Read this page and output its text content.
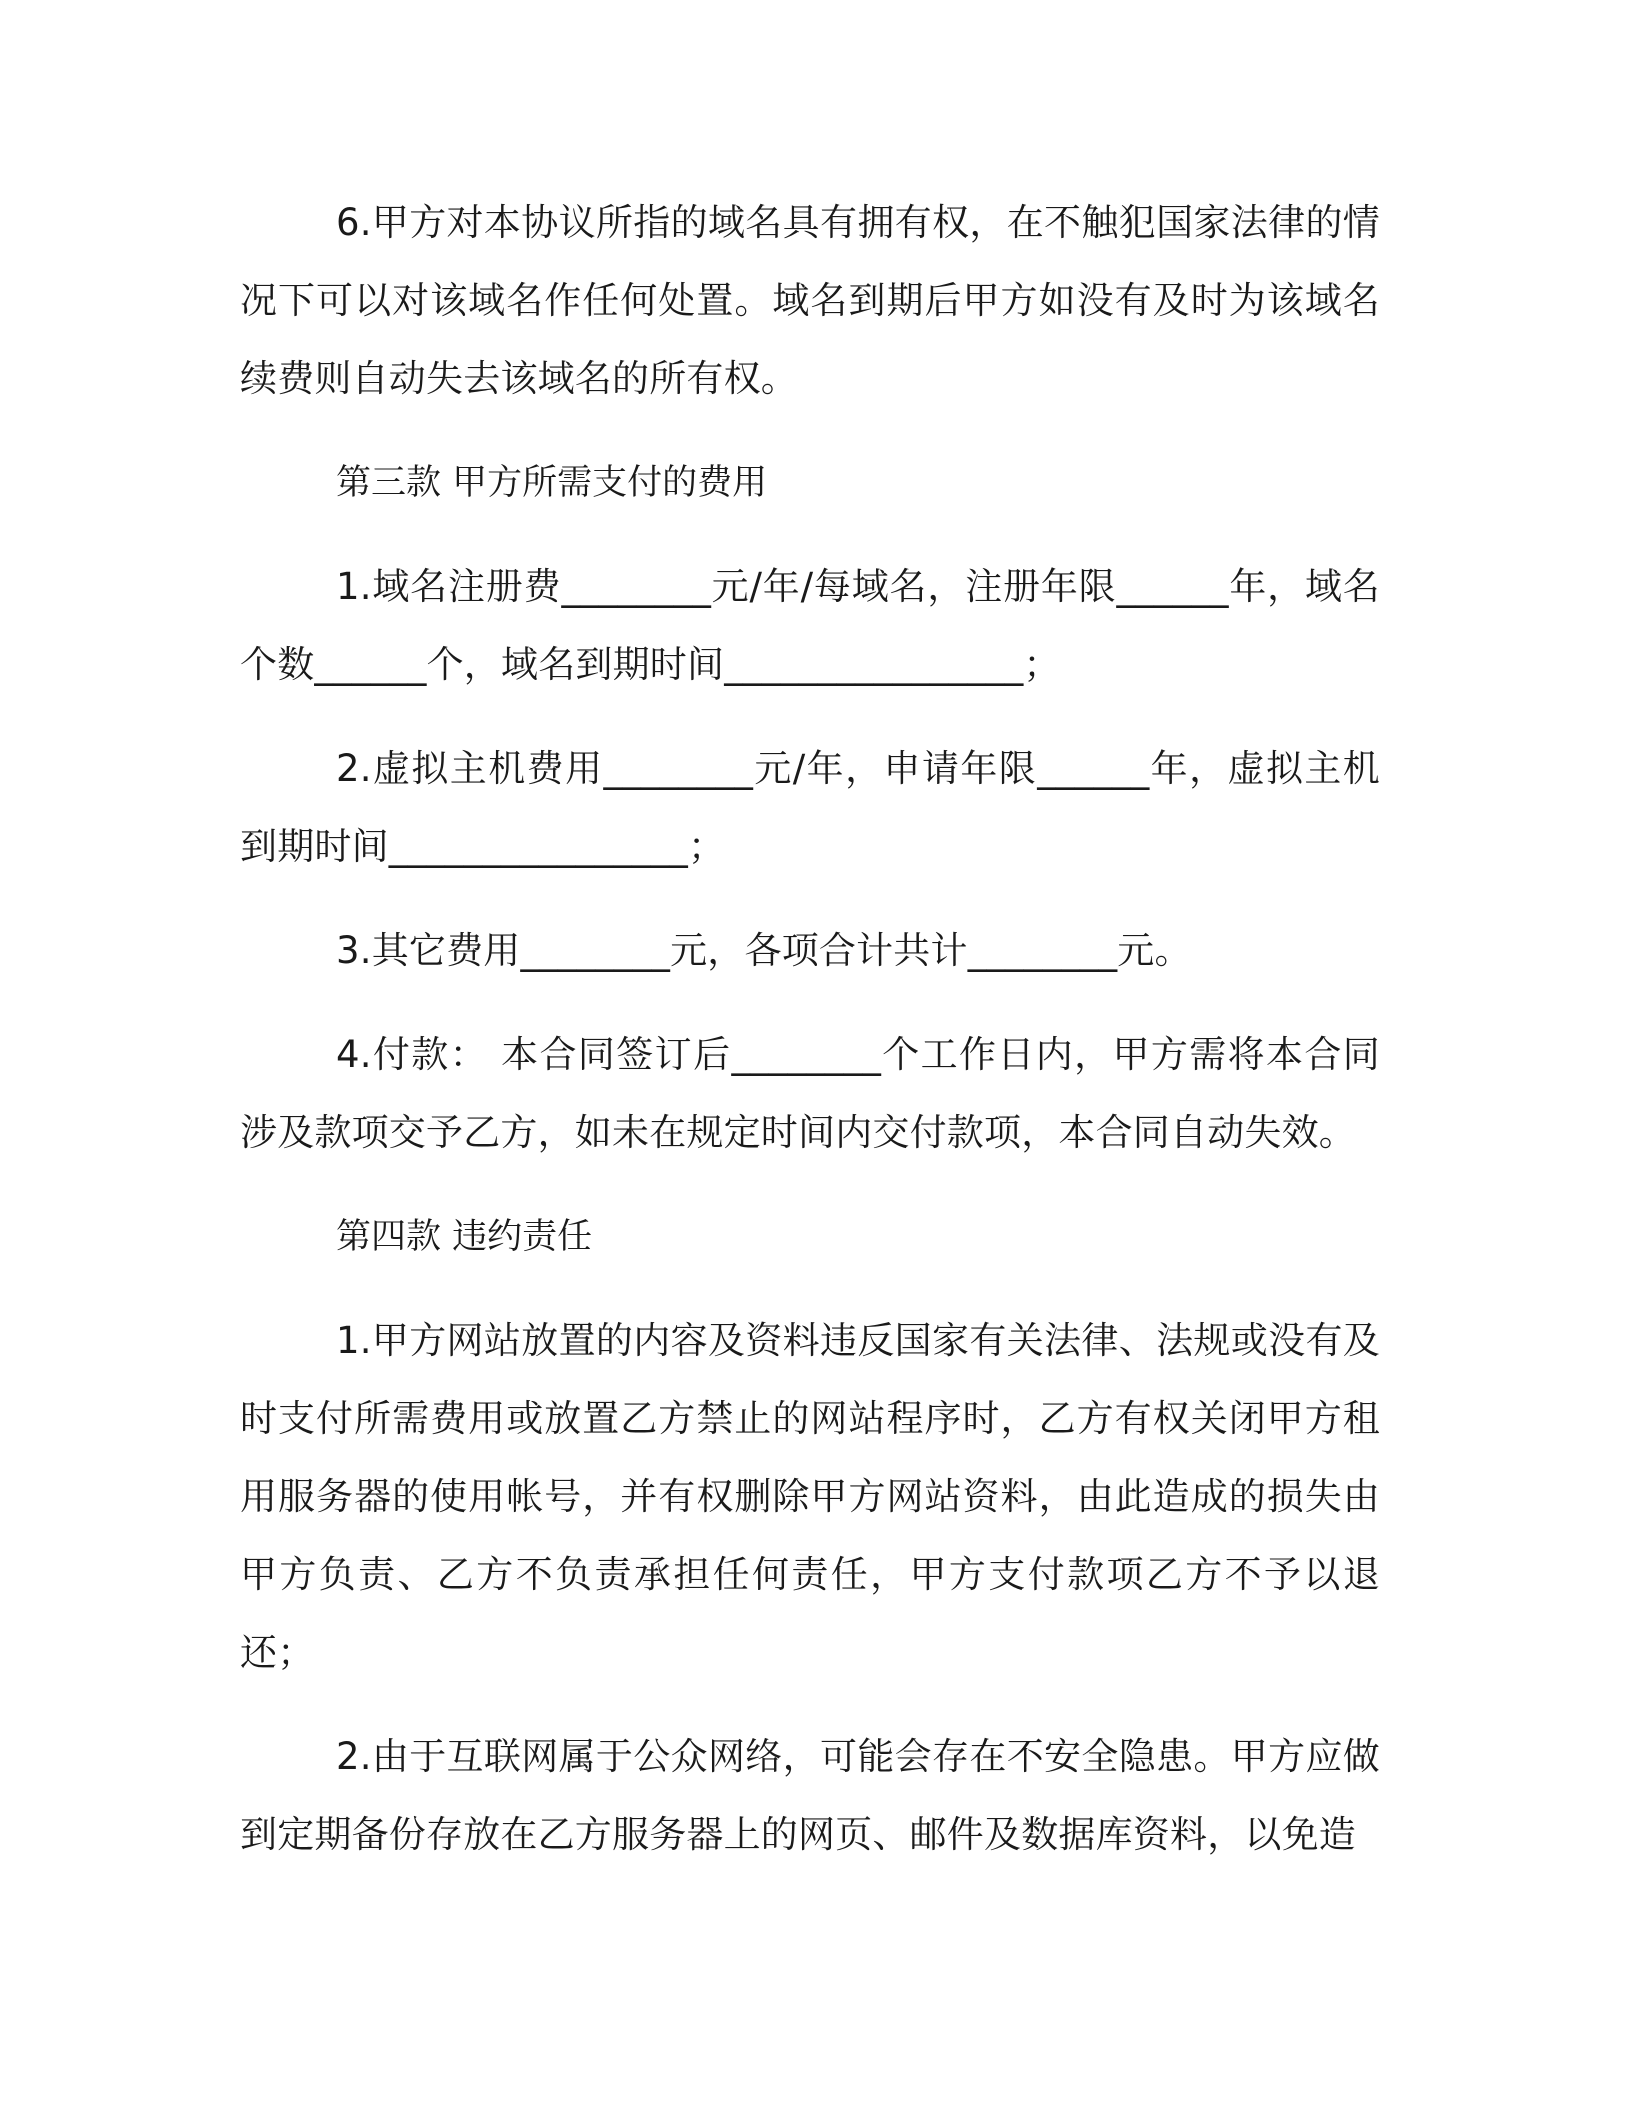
6.甲方对本协议所指的域名具有拥有权，在不触犯国家法律的情况下可以对该域名作任何处置。域名到期后甲方如没有及时为该域名续费则自动失去该域名的所有权。

第三款 甲方所需支付的费用

1.域名注册费________元/年/每域名，注册年限______年，域名个数______个，域名到期时间________________；

2.虚拟主机费用________元/年，申请年限______年，虚拟主机到期时间________________；

3.其它费用________元，各项合计共计________元。

4.付款： 本合同签订后________个工作日内，甲方需将本合同涉及款项交予乙方，如未在规定时间内交付款项，本合同自动失效。

第四款 违约责任

1.甲方网站放置的内容及资料违反国家有关法律、法规或没有及时支付所需费用或放置乙方禁止的网站程序时，乙方有权关闭甲方租用服务器的使用帐号，并有权删除甲方网站资料，由此造成的损失由甲方负责、乙方不负责承担任何责任，甲方支付款项乙方不予以退还；

2.由于互联网属于公众网络，可能会存在不安全隐患。甲方应做到定期备份存放在乙方服务器上的网页、邮件及数据库资料，以免造
